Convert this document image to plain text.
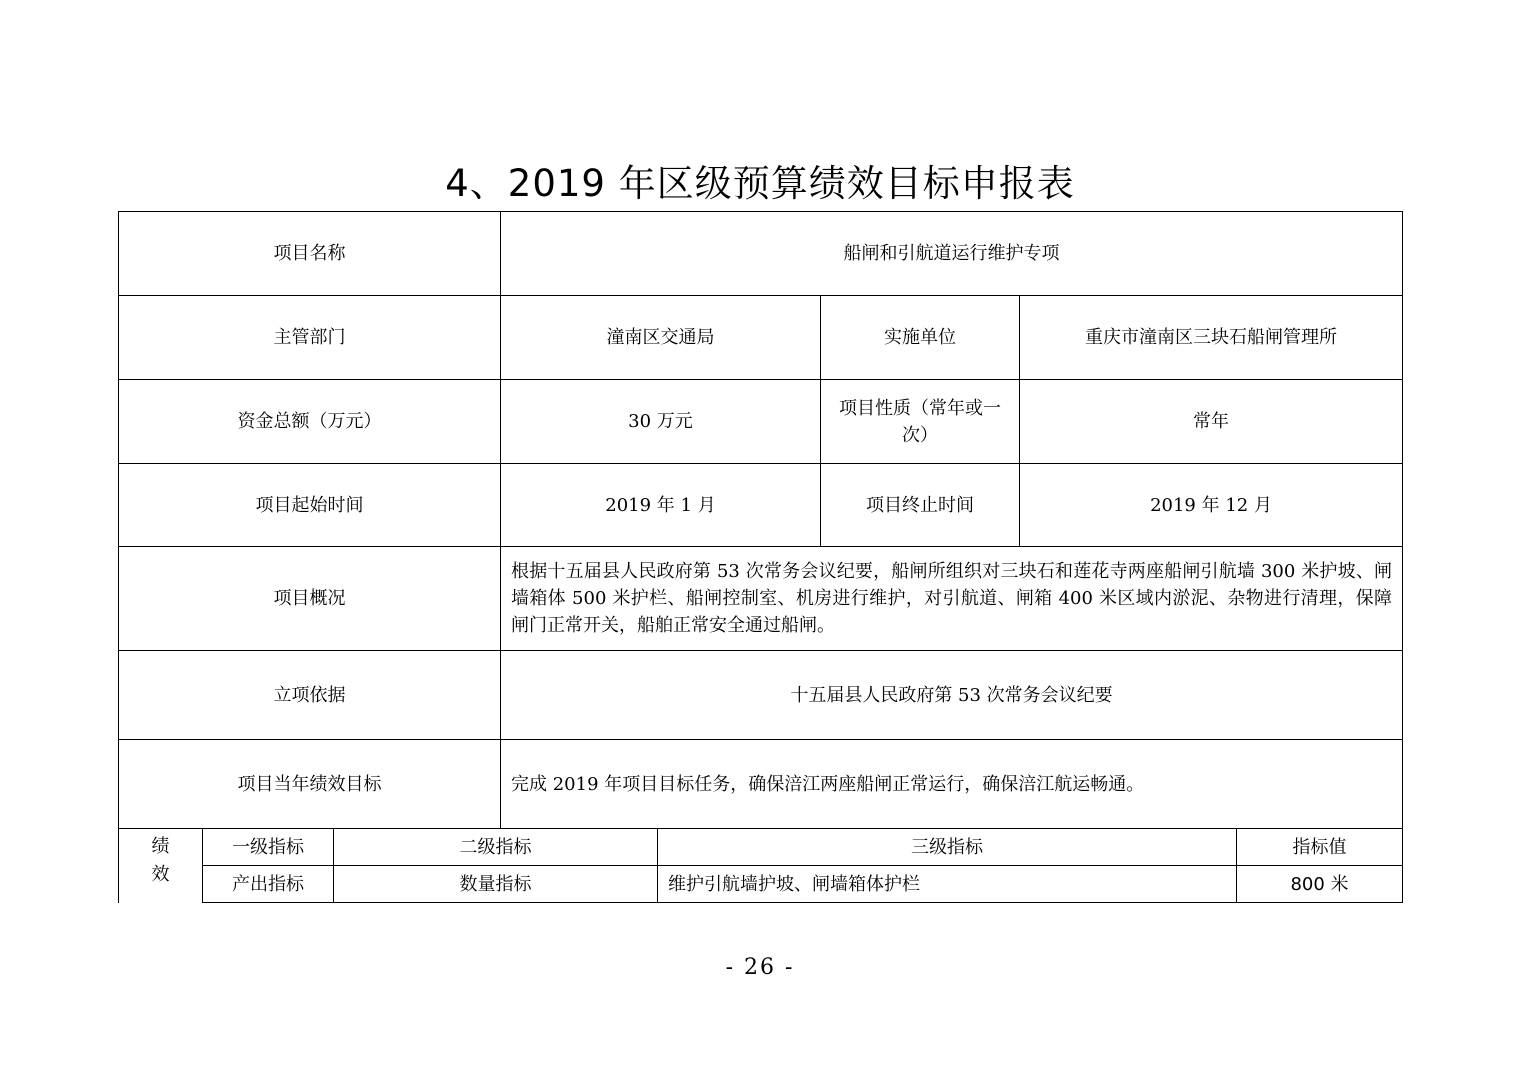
4、2019 年区级预算绩效目标申报表
项目名称	船闸和引航道运行维护专项		
主管部门	潼南区交通局	实施单位	重庆市潼南区三块石船闸管理所
资金总额（万元）	30 万元	项目性质（常年或一次）	常年
项目起始时间	2019 年 1 月	项目终止时间	2019 年 12 月
项目概况	根据十五届县人民政府第 53 次常务会议纪要，船闸所组织对三块石和莲花寺两座船闸引航墙 300 米护坡、闸墙箱体 500 米护栏、船闸控制室、机房进行维护，对引航道、闸箱 400 米区域内淤泥、杂物进行清理，保障闸门正常开关，船舶正常安全通过船闸。		
立项依据	十五届县人民政府第 53 次常务会议纪要		
项目当年绩效目标	完成 2019 年项目目标任务，确保涪江两座船闸正常运行，确保涪江航运畅通。		
绩效	一级指标	二级指标	三级指标	指标值
	产出指标	数量指标	维护引航墙护坡、闸墙箱体护栏	800 米
- 26 -
